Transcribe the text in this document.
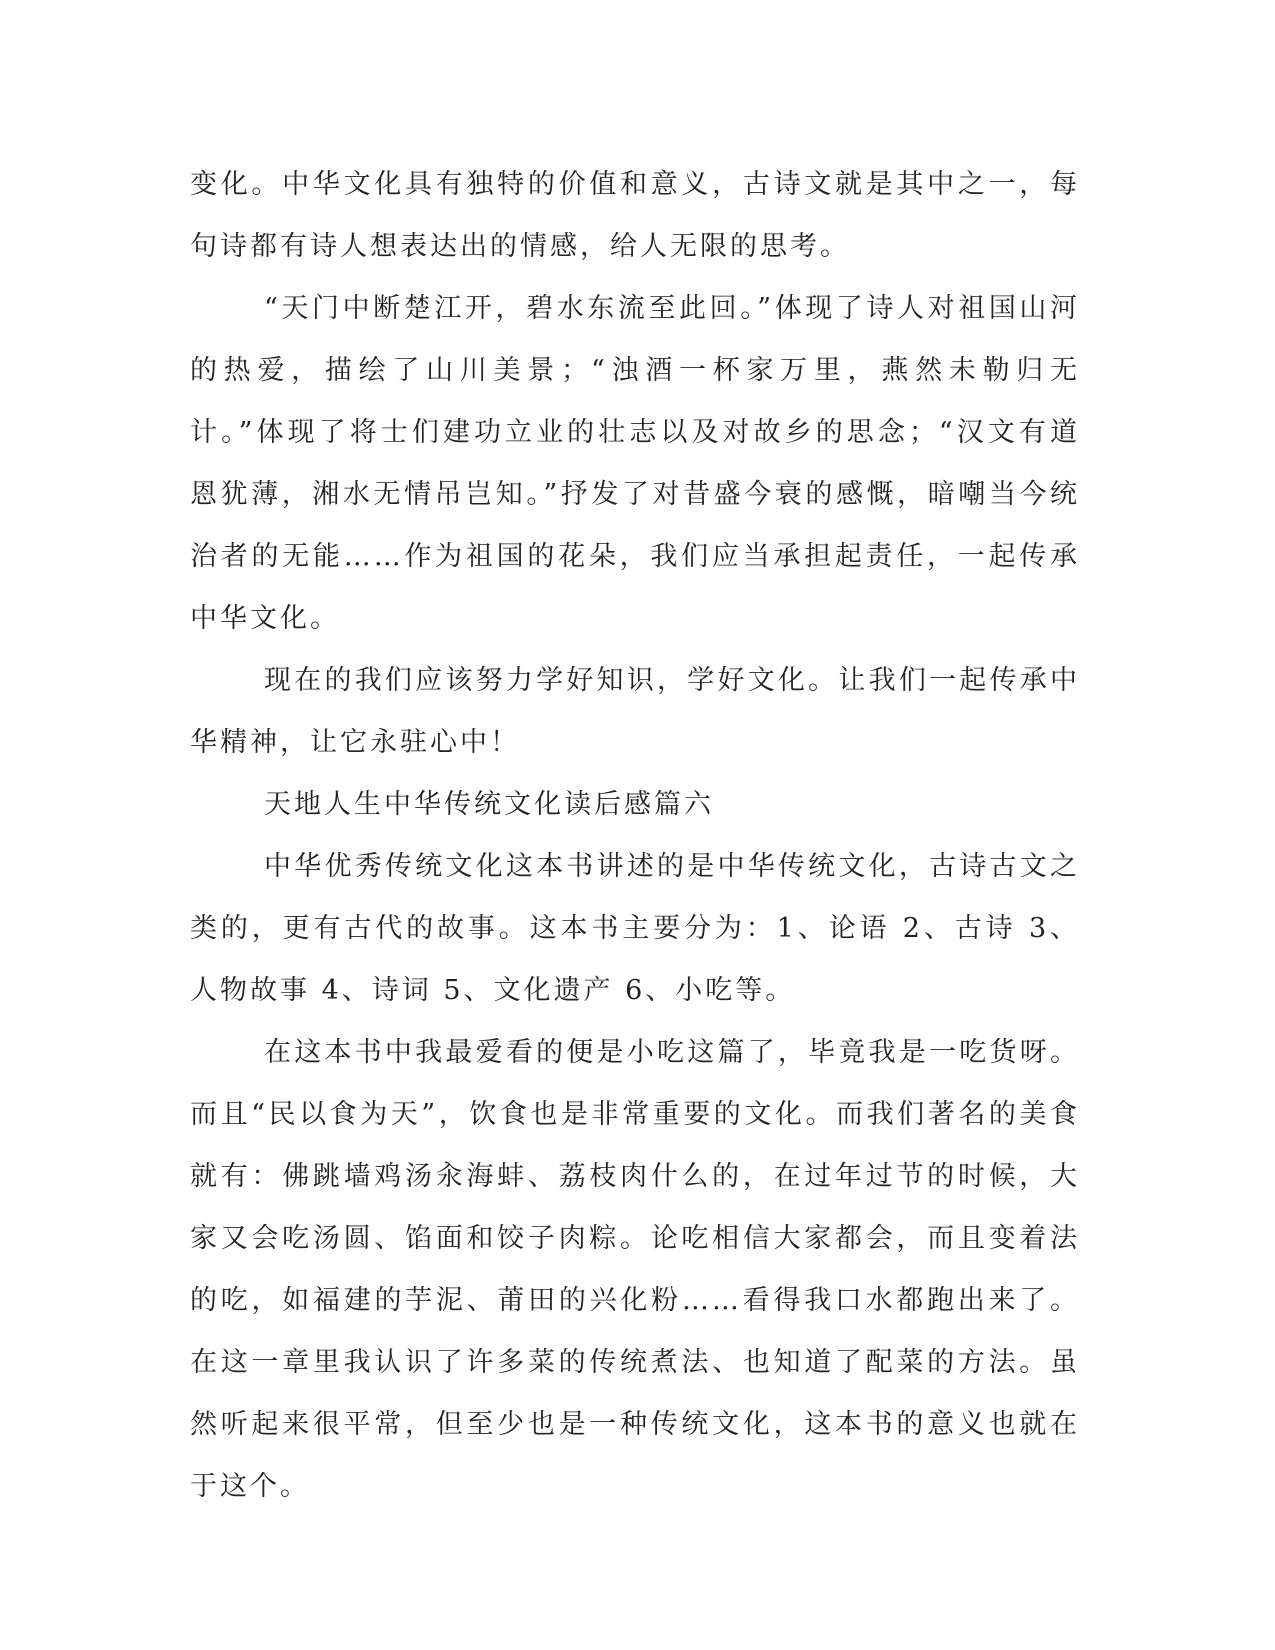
变化。中华文化具有独特的价值和意义，古诗文就是其中之一，每句诗都有诗人想表达出的情感，给人无限的思考。

“天门中断楚江开，碧水东流至此回。”体现了诗人对祖国山河的热爱，描绘了山川美景；“浊酒一杯家万里，燕然未勒归无计。”体现了将士们建功立业的壮志以及对故乡的思念；“汉文有道恩犹薄，湘水无情吊岂知。”抒发了对昔盛今衰的感慨，暗嘲当今统治者的无能……作为祖国的花朵，我们应当承担起责任，一起传承中华文化。

现在的我们应该努力学好知识，学好文化。让我们一起传承中华精神，让它永驻心中！

天地人生中华传统文化读后感篇六

中华优秀传统文化这本书讲述的是中华传统文化，古诗古文之类的，更有古代的故事。这本书主要分为：1、论语 2、古诗 3、人物故事 4、诗词 5、文化遗产 6、小吃等。

在这本书中我最爱看的便是小吃这篇了，毕竟我是一吃货呀。而且“民以食为天”，饮食也是非常重要的文化。而我们著名的美食就有：佛跳墙鸡汤汆海蚌、荔枝肉什么的，在过年过节的时候，大家又会吃汤圆、馅面和饺子肉粽。论吃相信大家都会，而且变着法的吃，如福建的芋泥、莆田的兴化粉……看得我口水都跑出来了。在这一章里我认识了许多菜的传统煮法、也知道了配菜的方法。虽然听起来很平常，但至少也是一种传统文化，这本书的意义也就在于这个。
